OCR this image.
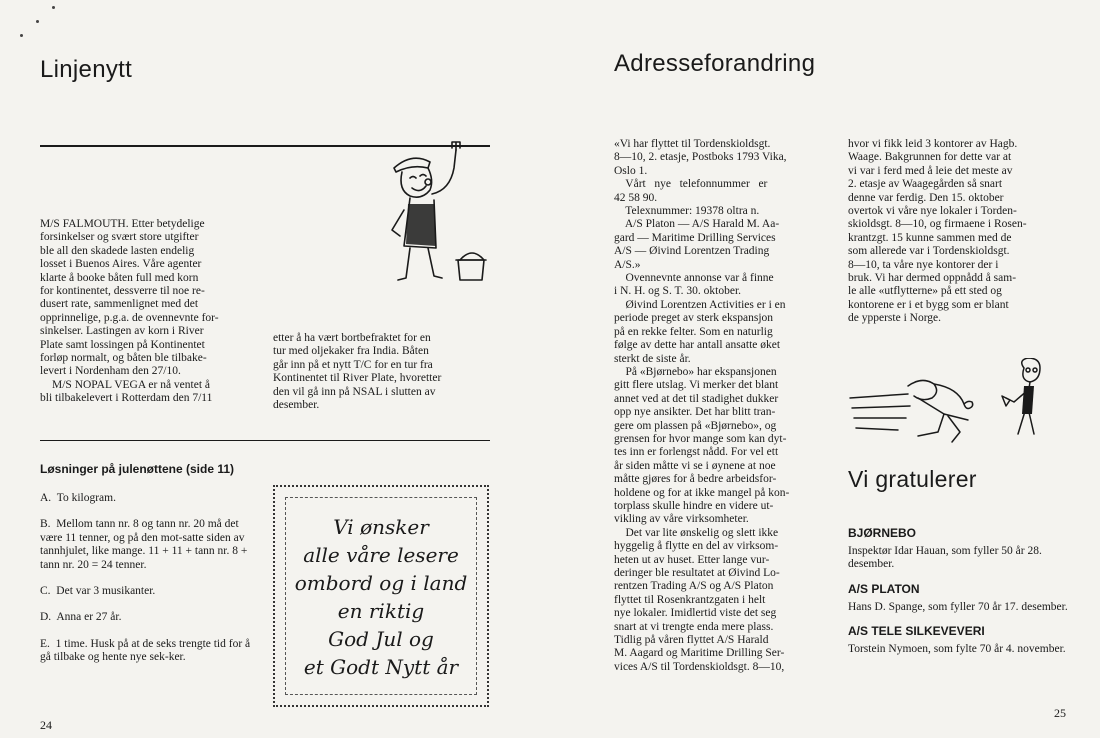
Linjenytt

M/S FALMOUTH. Etter betydelige

forsinkelser og svært store utgifter

ble all den skadede lasten endelig

losset i Buenos Aires. Våre agenter

klarte å booke båten full med korn

for kontinentet, dessverre til noe re-

dusert rate, sammenlignet med det

opprinnelige, p.g.a. de ovennevnte for-

sinkelser. Lastingen av korn i River

Plate samt lossingen på Kontinentet

forløp normalt, og båten ble tilbake-

levert i Nordenham den 27/10.

M/S NOPAL VEGA er nå ventet å

bli tilbakelevert i Rotterdam den 7/11

etter å ha vært bortbefraktet for en

tur med oljekaker fra India. Båten

går inn på et nytt T/C for en tur fra

Kontinentet til River Plate, hvoretter

den vil gå inn på NSAL i slutten av

desember.

Løsninger på julenøttene (side 11)

A. To kilogram.

B. Mellom tann nr. 8 og tann nr. 20 må det være 11 tenner, og på den mot-satte siden av tannhjulet, like mange. 11 + 11 + tann nr. 8 + tann nr. 20 = 24 tenner.

C. Det var 3 musikanter.

D. Anna er 27 år.

E. 1 time. Husk på at de seks trengte tid for å gå tilbake og hente nye sek-ker.

Vi ønsker
alle våre lesere
ombord og i land
en riktig
God Jul og
et Godt Nytt år
24
Adresseforandring

«Vi har flyttet til Tordenskioldsgt.

8—10, 2. etasje, Postboks 1793 Vika,

Oslo 1.

Vårt   nye   telefonnummer   er

42 58 90.

Telexnummer: 19378 oltra n.

A/S Platon — A/S Harald M. Aa-

gard — Maritime Drilling Services

A/S — Øivind Lorentzen Trading

A/S.»

Ovennevnte annonse var å finne

i N. H. og S. T. 30. oktober.

Øivind Lorentzen Activities er i en

periode preget av sterk ekspansjon

på en rekke felter. Som en naturlig

følge av dette har antall ansatte øket

sterkt de siste år.

På «Bjørnebo» har ekspansjonen

gitt flere utslag. Vi merker det blant

annet ved at det til stadighet dukker

opp nye ansikter. Det har blitt tran-

gere om plassen på «Bjørnebo», og

grensen for hvor mange som kan dyt-

tes inn er forlengst nådd. For vel ett

år siden måtte vi se i øynene at noe

måtte gjøres for å bedre arbeidsfor-

holdene og for at ikke mangel på kon-

torplass skulle hindre en videre ut-

vikling av våre virksomheter.

Det var lite ønskelig og slett ikke

hyggelig å flytte en del av virksom-

heten ut av huset. Etter lange vur-

deringer ble resultatet at Øivind Lo-

rentzen Trading A/S og A/S Platon

flyttet til Rosenkrantzgaten i helt

nye lokaler. Imidlertid viste det seg

snart at vi trengte enda mere plass.

Tidlig på våren flyttet A/S Harald

M. Aagard og Maritime Drilling Ser-

vices A/S til Tordenskioldsgt. 8—10,

hvor vi fikk leid 3 kontorer av Hagb.

Waage. Bakgrunnen for dette var at

vi var i ferd med å leie det meste av

2. etasje av Waagegården så snart

denne var ferdig. Den 15. oktober

overtok vi våre nye lokaler i Torden-

skioldsgt. 8—10, og firmaene i Rosen-

krantzgt. 15 kunne sammen med de

som allerede var i Tordenskioldsgt.

8—10, ta våre nye kontorer der i

bruk. Vi har dermed oppnådd å sam-

le alle «utflytterne» på ett sted og

kontorene er i et bygg som er blant

de ypperste i Norge.

Vi gratulerer
BJØRNEBO
Inspektør Idar Hauan, som fyller 50 år 28. desember.
A/S PLATON
Hans D. Spange, som fyller 70 år 17. desember.
A/S TELE SILKEVEVERI
Torstein Nymoen, som fylte 70 år 4. november.
25
